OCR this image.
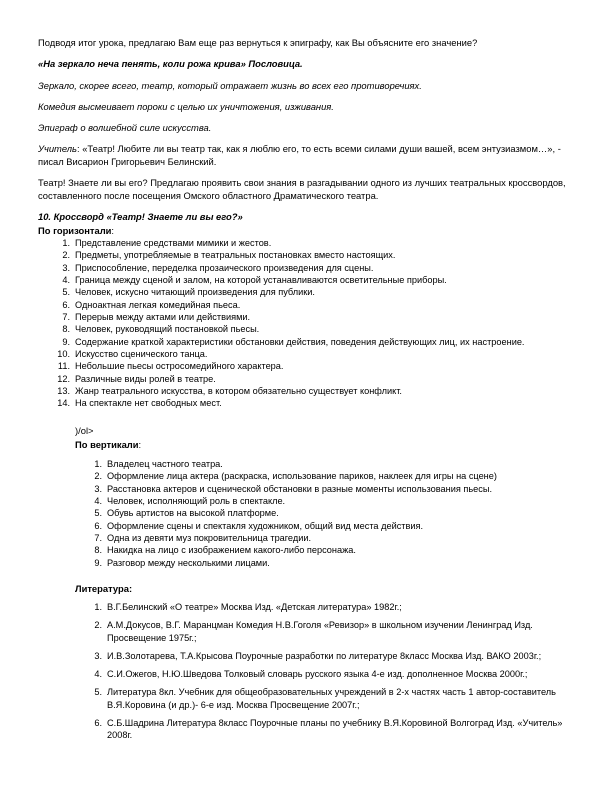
Подводя итог урока, предлагаю Вам еще раз вернуться к эпиграфу, как Вы объясните его значение?

«На зеркало неча пенять, коли рожа крива» Пословица.

Зеркало, скорее всего, театр, который отражает жизнь во всех его противоречиях.

Комедия высмеивает пороки с целью их уничтожения, изживания.

Эпиграф о волшебной силе искусства.

Учитель: «Театр! Любите ли вы театр так, как я люблю его, то есть всеми силами души вашей, всем энтузиазмом…», - писал Висарион Григорьевич Белинский.

Театр! Знаете ли вы его? Предлагаю проявить свои знания в разгадывании одного из лучших театральных кроссвордов, составленного после посещения Омского областного Драматического театра.

10. Кроссворд «Театр! Знаете ли вы его?»

По горизонтали:

1. Представление средствами мимики и жестов.
2. Предметы, употребляемые в театральных постановках вместо настоящих.
3. Приспособление, переделка прозаического произведения для сцены.
4. Граница между сценой и залом, на которой устанавливаются осветительные приборы.
5. Человек, искусно читающий произведения для публики.
6. Одноактная легкая комедийная пьеса.
7. Перерыв между актами или действиями.
8. Человек, руководящий постановкой пьесы.
9. Содержание краткой характеристики обстановки действия, поведения действующих лиц, их настроение.
10. Искусство сценического танца.
11. Небольшие пьесы остросомедийного характера.
12. Различные виды ролей в театре.
13. Жанр театрального искусства, в котором обязательно существует конфликт.
14. На спектакле нет свободных мест.

)/ol>

По вертикали:

1. Владелец частного театра.
2. Оформление лица актера (раскраска, использование париков, наклеек для игры на сцене)
3. Расстановка актеров и сценической обстановки в разные моменты использования пьесы.
4. Человек, исполняющий роль в спектакле.
5. Обувь артистов на высокой платформе.
6. Оформление сцены и спектакля художником, общий вид места действия.
7. Одна из девяти муз покровительница трагедии.
8. Накидка на лицо с изображением какого-либо персонажа.
9. Разговор между несколькими лицами.

Литература:

1. В.Г.Белинский «О театре» Москва Изд. «Детская литература» 1982г.;
2. А.М.Докусов, В.Г. Маранцман Комедия Н.В.Гоголя «Ревизор» в школьном изучении Ленинград Изд. Просвещение 1975г.;
3. И.В.Золотарева, Т.А.Крысова Поурочные разработки по литературе 8класс Москва Изд. ВАКО 2003г.;
4. С.И.Ожегов, Н.Ю.Шведова Толковый словарь русского языка 4-е изд. дополненное Москва 2000г.;
5. Литература 8кл. Учебник для общеобразовательных учреждений в 2-х частях часть 1 автор-составитель В.Я.Коровина (и др.)- 6-е изд. Москва Просвещение 2007г.;
6. С.Б.Шадрина Литература 8класс Поурочные планы по учебнику В.Я.Коровиной Волгоград Изд. «Учитель» 2008г.
